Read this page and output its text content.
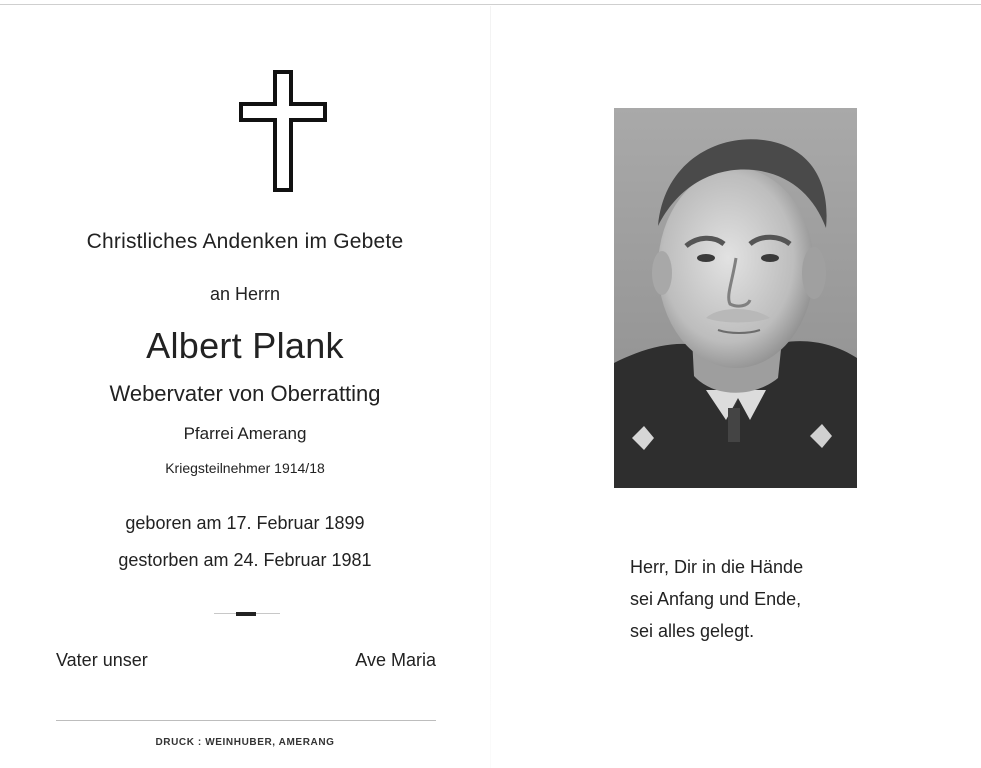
Christliches Andenken im Gebete
an Herrn
Albert Plank
Webervater von Oberratting
Pfarrei Amerang
Kriegsteilnehmer 1914/18
geboren am 17. Februar 1899
gestorben am 24. Februar 1981
Vater unser	Ave Maria
DRUCK : WEINHUBER, AMERANG
Herr, Dir in die Hände
sei Anfang und Ende,
sei alles gelegt.
